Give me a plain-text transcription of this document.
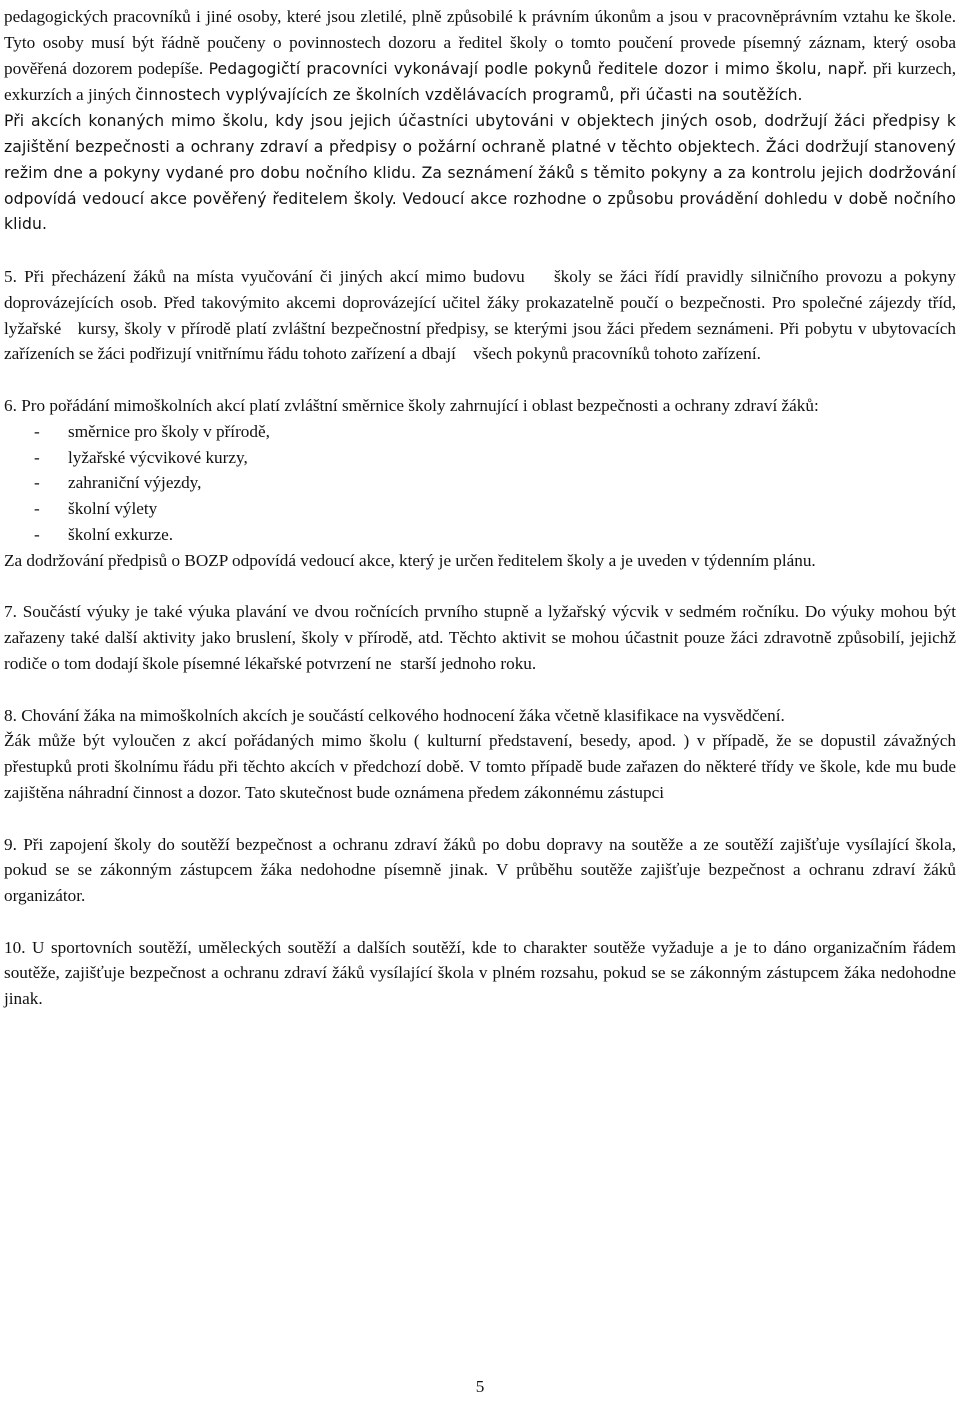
pedagogických pracovníků i jiné osoby, které jsou zletilé, plně způsobilé k právním úkonům a jsou v pracovněprávním vztahu ke škole. Tyto osoby musí být řádně poučeny o povinnostech dozoru a ředitel školy o tomto poučení provede písemný záznam, který osoba pověřená dozorem podepíše. Pedagogičtí pracovníci vykonávají podle pokynů ředitele dozor i mimo školu, např. při kurzech, exkurzích a jiných činnostech vyplývajících ze školních vzdělávacích programů, při účasti na soutěžích.

Při akcích konaných mimo školu, kdy jsou jejich účastníci ubytováni v objektech jiných osob, dodržují žáci předpisy k zajištění bezpečnosti a ochrany zdraví a předpisy o požární ochraně platné v těchto objektech. Žáci dodržují stanovený režim dne a pokyny vydané pro dobu nočního klidu. Za seznámení žáků s těmito pokyny a za kontrolu jejich dodržování odpovídá vedoucí akce pověřený ředitelem školy. Vedoucí akce rozhodne o způsobu provádění dohledu v době nočního klidu.

5. Při přecházení žáků na místa vyučování či jiných akcí mimo budovu    školy se žáci řídí pravidly silničního provozu a pokyny doprovázejících osob. Před takovýmito akcemi doprovázející učitel žáky prokazatelně poučí o bezpečnosti. Pro společné zájezdy tříd, lyžařské   kursy, školy v přírodě platí zvláštní bezpečnostní předpisy, se kterými jsou žáci předem seznámeni. Při pobytu v ubytovacích zařízeních se žáci podřizují vnitřnímu řádu tohoto zařízení a dbají    všech pokynů pracovníků tohoto zařízení.

6. Pro pořádání mimoškolních akcí platí zvláštní směrnice školy zahrnující i oblast bezpečnosti a ochrany zdraví žáků:

- směrnice pro školy v přírodě,
- lyžařské výcvikové kurzy,
- zahraniční výjezdy,
- školní výlety
- školní exkurze.

Za dodržování předpisů o BOZP odpovídá vedoucí akce, který je určen ředitelem školy a je uveden v týdenním plánu.

7. Součástí výuky je také výuka plavání ve dvou ročnících prvního stupně a lyžařský výcvik v sedmém ročníku. Do výuky mohou být zařazeny také další aktivity jako bruslení, školy v přírodě, atd. Těchto aktivit se mohou účastnit pouze žáci zdravotně způsobilí, jejichž rodiče o tom dodají škole písemné lékařské potvrzení ne  starší jednoho roku.

8. Chování žáka na mimoškolních akcích je součástí celkového hodnocení žáka včetně klasifikace na vysvědčení.

Žák může být vyloučen z akcí pořádaných mimo školu ( kulturní představení, besedy, apod. ) v případě, že se dopustil závažných přestupků proti školnímu řádu při těchto akcích v předchozí době. V tomto případě bude zařazen do některé třídy ve škole, kde mu bude zajištěna náhradní činnost a dozor. Tato skutečnost bude oznámena předem zákonnému zástupci

9. Při zapojení školy do soutěží bezpečnost a ochranu zdraví žáků po dobu dopravy na soutěže a ze soutěží zajišťuje vysílající škola, pokud se se zákonným zástupcem žáka nedohodne písemně jinak. V průběhu soutěže zajišťuje bezpečnost a ochranu zdraví žáků organizátor.

10. U sportovních soutěží, uměleckých soutěží a dalších soutěží, kde to charakter soutěže vyžaduje a je to dáno organizačním řádem soutěže, zajišťuje bezpečnost a ochranu zdraví žáků vysílající škola v plném rozsahu, pokud se se zákonným zástupcem žáka nedohodne jinak.

5
